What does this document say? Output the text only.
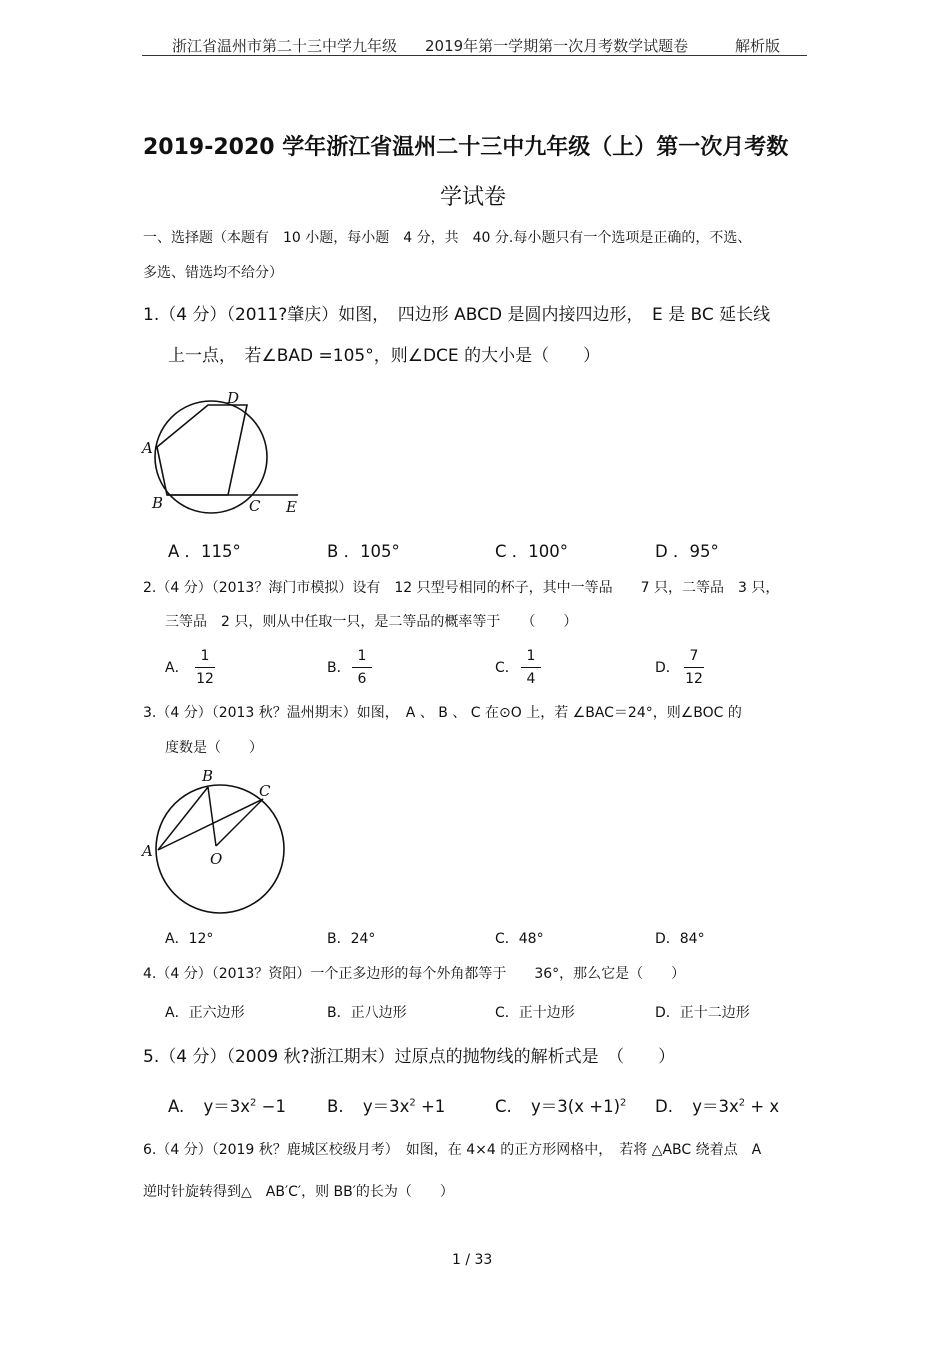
浙江省温州市第二十三中学九年级 2019年第一学期第一次月考数学试题卷	解析版
2019-2020 学年浙江省温州二十三中九年级（上）第一次月考数
学试卷
一、选择题（本题有　10 小题，每小题　4 分，共　40 分.每小题只有一个选项是正确的，不选、
多选、错选均不给分）
1.（4 分）（2011?肇庆）如图，　四边形 ABCD 是圆内接四边形，　E 是 BC 延长线
上一点，　若∠BAD =105°，则∠DCE 的大小是（　　）
A
B	C
D
E
A ．115°	B ．105°	C ．100°	D ．95°
2.（4 分）（2013？海门市模拟）设有　12 只型号相同的杯子，其中一等品　　7 只，二等品　3 只，
三等品　2 只，则从中任取一只，是二等品的概率等于　　（　　）
A．
1
12
B．
1
6
C．
1
4
D．
7
12
3.（4 分）（2013 秋？温州期末）如图，　A 、 B 、 C 在⊙O 上，若 ∠BAC＝24°，则∠BOC 的
度数是（　　）
A
B
C
O
A．12°	B．24°	C．48°	D．84°
4.（4 分）（2013？资阳）一个正多边形的每个外角都等于　　36°，那么它是（　　）
A．正六边形	B．正八边形	C．正十边形	D．正十二边形
5.（4 分）（2009 秋?浙江期末）过原点的抛物线的解析式是　（　　）
A. $y=3x^2 -1$ B. $y=3x^2 +1$	C. $y=3(x +1)^2$ D. $y=3x^2 + x$
6.（4 分）（2019 秋？鹿城区校级月考）　如图，在 4×4 的正方形网格中，　若将 △ABC 绕着点　A
逆时针旋转得到△　AB′C′，则 BB′的长为（　　）
1 / 33
